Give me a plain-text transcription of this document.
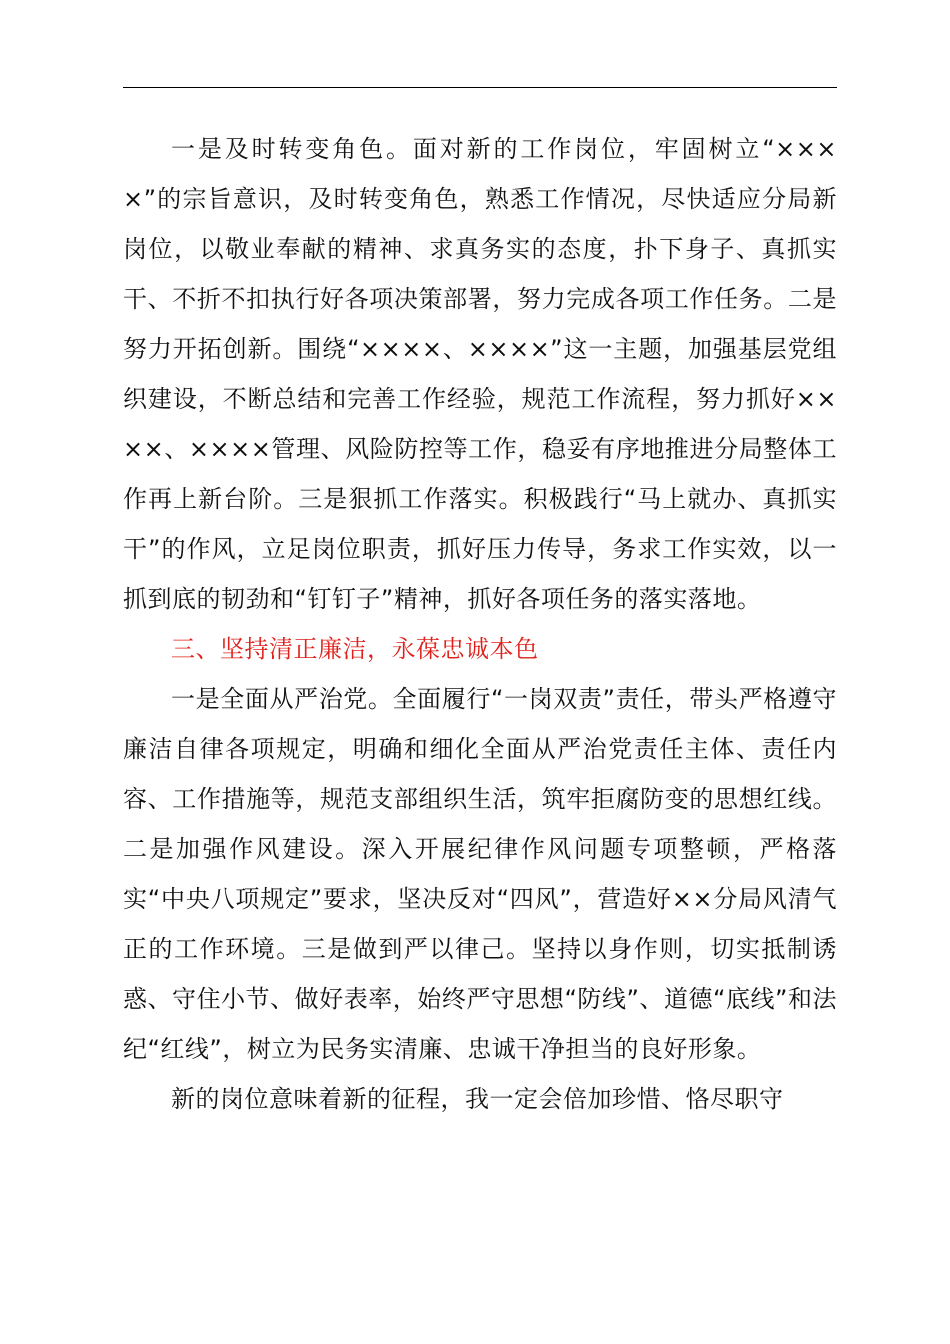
一是及时转变角色。面对新的工作岗位，牢固树立“××××”的宗旨意识，及时转变角色，熟悉工作情况，尽快适应分局新岗位，以敬业奉献的精神、求真务实的态度，扑下身子、真抓实干、不折不扣执行好各项决策部署，努力完成各项工作任务。二是努力开拓创新。围绕“××××、××××”这一主题，加强基层党组织建设，不断总结和完善工作经验，规范工作流程，努力抓好××××、××××管理、风险防控等工作，稳妥有序地推进分局整体工作再上新台阶。三是狠抓工作落实。积极践行“马上就办、真抓实干”的作风，立足岗位职责，抓好压力传导，务求工作实效，以一抓到底的韧劲和“钉钉子”精神，抓好各项任务的落实落地。

三、坚持清正廉洁，永葆忠诚本色

一是全面从严治党。全面履行“一岗双责”责任，带头严格遵守廉洁自律各项规定，明确和细化全面从严治党责任主体、责任内容、工作措施等，规范支部组织生活，筑牢拒腐防变的思想红线。二是加强作风建设。深入开展纪律作风问题专项整顿，严格落实“中央八项规定”要求，坚决反对“四风”，营造好××分局风清气正的工作环境。三是做到严以律己。坚持以身作则，切实抵制诱惑、守住小节、做好表率，始终严守思想“防线”、道德“底线”和法纪“红线”，树立为民务实清廉、忠诚干净担当的良好形象。

新的岗位意味着新的征程，我一定会倍加珍惜、恪尽职守
